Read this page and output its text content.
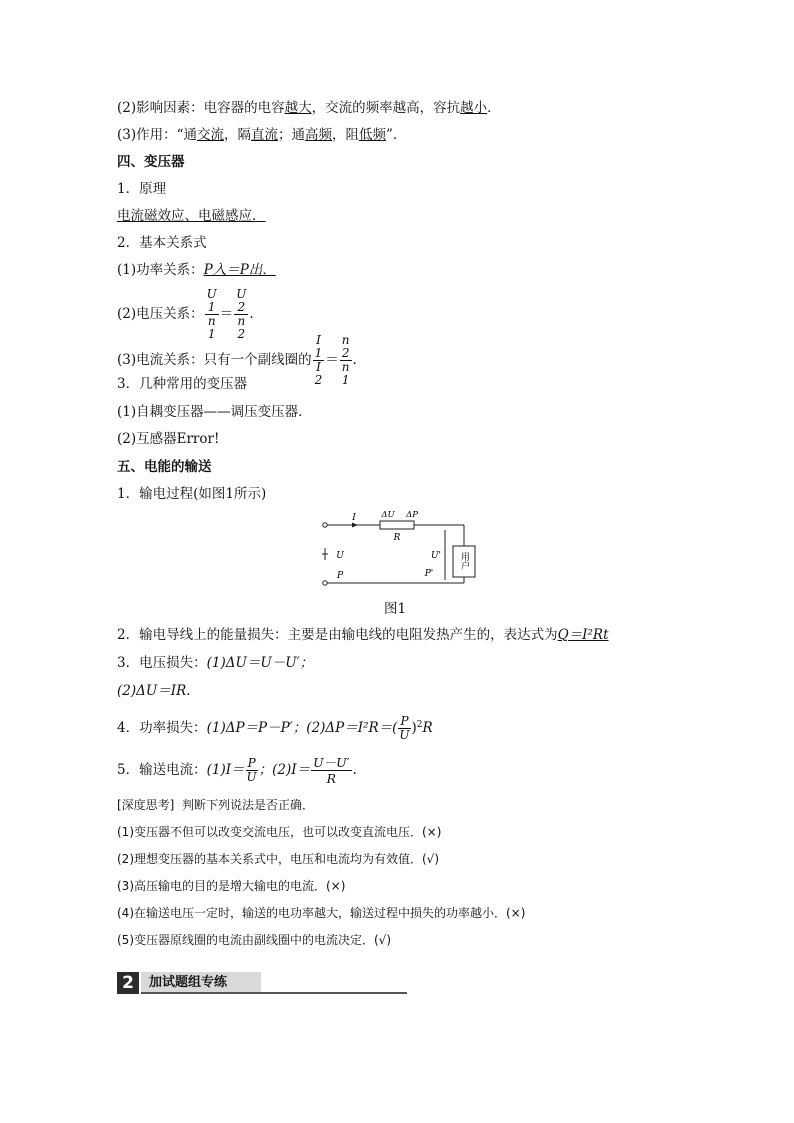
(2)影响因素：电容器的电容越大，交流的频率越高，容抗越小．
(3)作用：“通交流，隔直流；通高频，阻低频”．
四、变压器
1．原理
电流磁效应、电磁感应．
2．基本关系式
(1)功率关系：P入＝P出．
(2)电压关系： U
1
n
1 ＝ U
2
n
2 .
(3)电流关系：只有一个副线圈的 I
1
I
2 ＝ n
2
n
1 .
3．几种常用的变压器
(1)自耦变压器——调压变压器．
(2)互感器Error!
五、电能的输送
1．输电过程(如图1所示)
I	ΔU ΔP
R
U
P
U'
P'
用户
图1
2．输电导线上的能量损失：主要是由输电线的电阻发热产生的，表达式为Q＝I²Rt
3．电压损失：(1)ΔU＝U－U′；
(2)ΔU＝IR.
4．功率损失：(1)ΔP＝P－P′；$(2)\Delta P=I^2R=( \frac{P}{U} )^2R$
5．输送电流：$(1)I= \frac{P}{U}$ ；$(2)I= \frac{U-U'}{R}$ .
[深度思考] 判断下列说法是否正确．
(1)变压器不但可以改变交流电压，也可以改变直流电压．(×)
(2)理想变压器的基本关系式中，电压和电流均为有效值．(√)
(3)高压输电的目的是增大输电的电流．(×)
(4)在输送电压一定时，输送的电功率越大，输送过程中损失的功率越小．(×)
(5)变压器原线圈的电流由副线圈中的电流决定．(√)
2	加试题组专练
